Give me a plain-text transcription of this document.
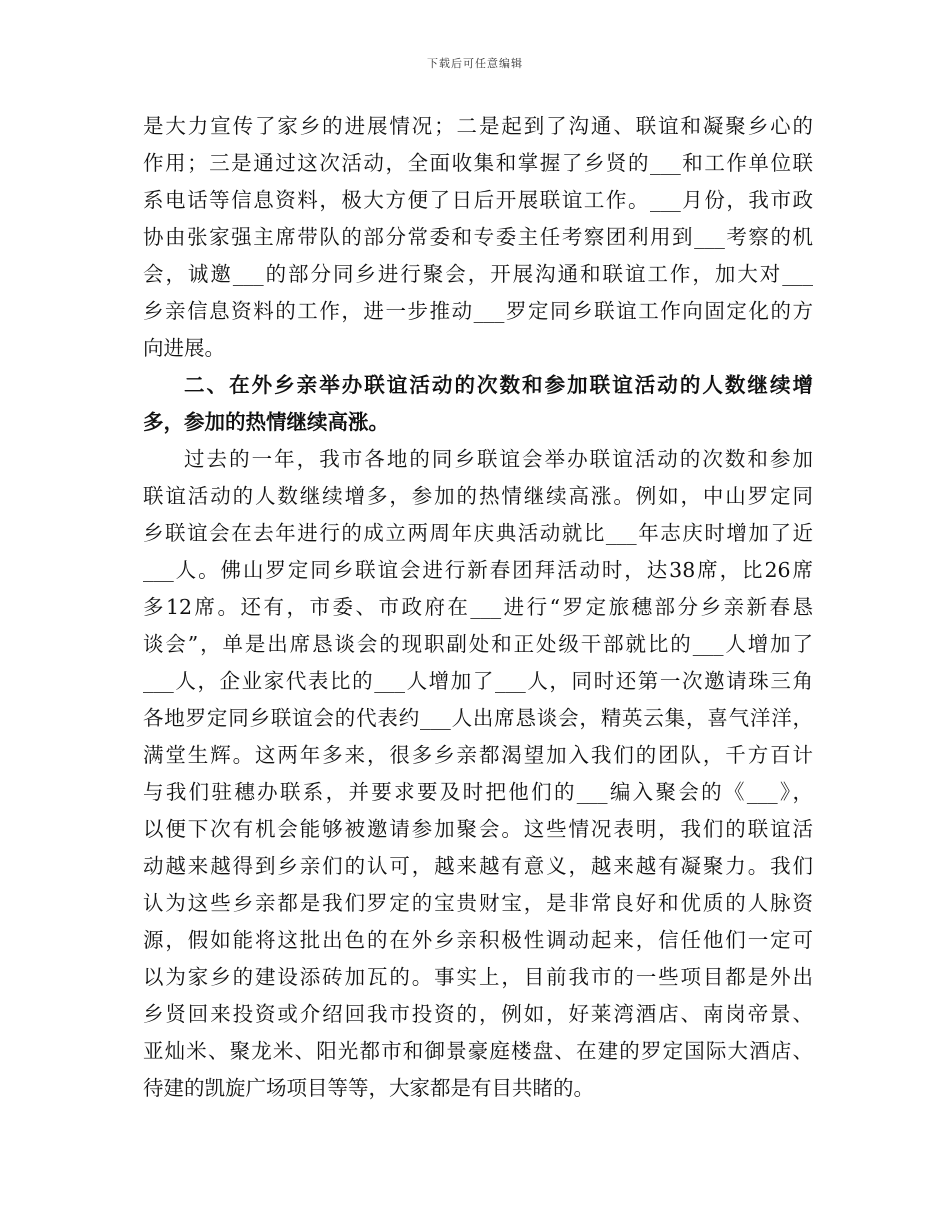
下载后可任意编辑
是大力宣传了家乡的进展情况；二是起到了沟通、联谊和凝聚乡心的
作用；三是通过这次活动，全面收集和掌握了乡贤的___和工作单位联
系电话等信息资料，极大方便了日后开展联谊工作。___月份，我市政
协由张家强主席带队的部分常委和专委主任考察团利用到___考察的机
会，诚邀___的部分同乡进行聚会，开展沟通和联谊工作，加大对___
乡亲信息资料的工作，进一步推动___罗定同乡联谊工作向固定化的方
向进展。
二、在外乡亲举办联谊活动的次数和参加联谊活动的人数继续增
多，参加的热情继续高涨。
过去的一年，我市各地的同乡联谊会举办联谊活动的次数和参加
联谊活动的人数继续增多，参加的热情继续高涨。例如，中山罗定同
乡联谊会在去年进行的成立两周年庆典活动就比___年志庆时增加了近
___人。佛山罗定同乡联谊会进行新春团拜活动时，达38席，比26席
多12席。还有，市委、市政府在___进行“罗定旅穗部分乡亲新春恳
谈会”，单是出席恳谈会的现职副处和正处级干部就比的___人增加了
___人，企业家代表比的___人增加了___人，同时还第一次邀请珠三角
各地罗定同乡联谊会的代表约___人出席恳谈会，精英云集，喜气洋洋，
满堂生辉。这两年多来，很多乡亲都渴望加入我们的团队，千方百计
与我们驻穗办联系，并要求要及时把他们的___编入聚会的《___》，
以便下次有机会能够被邀请参加聚会。这些情况表明，我们的联谊活
动越来越得到乡亲们的认可，越来越有意义，越来越有凝聚力。我们
认为这些乡亲都是我们罗定的宝贵财宝，是非常良好和优质的人脉资
源，假如能将这批出色的在外乡亲积极性调动起来，信任他们一定可
以为家乡的建设添砖加瓦的。事实上，目前我市的一些项目都是外出
乡贤回来投资或介绍回我市投资的，例如，好莱湾酒店、南岗帝景、
亚灿米、聚龙米、阳光都市和御景豪庭楼盘、在建的罗定国际大酒店、
待建的凯旋广场项目等等，大家都是有目共睹的。
